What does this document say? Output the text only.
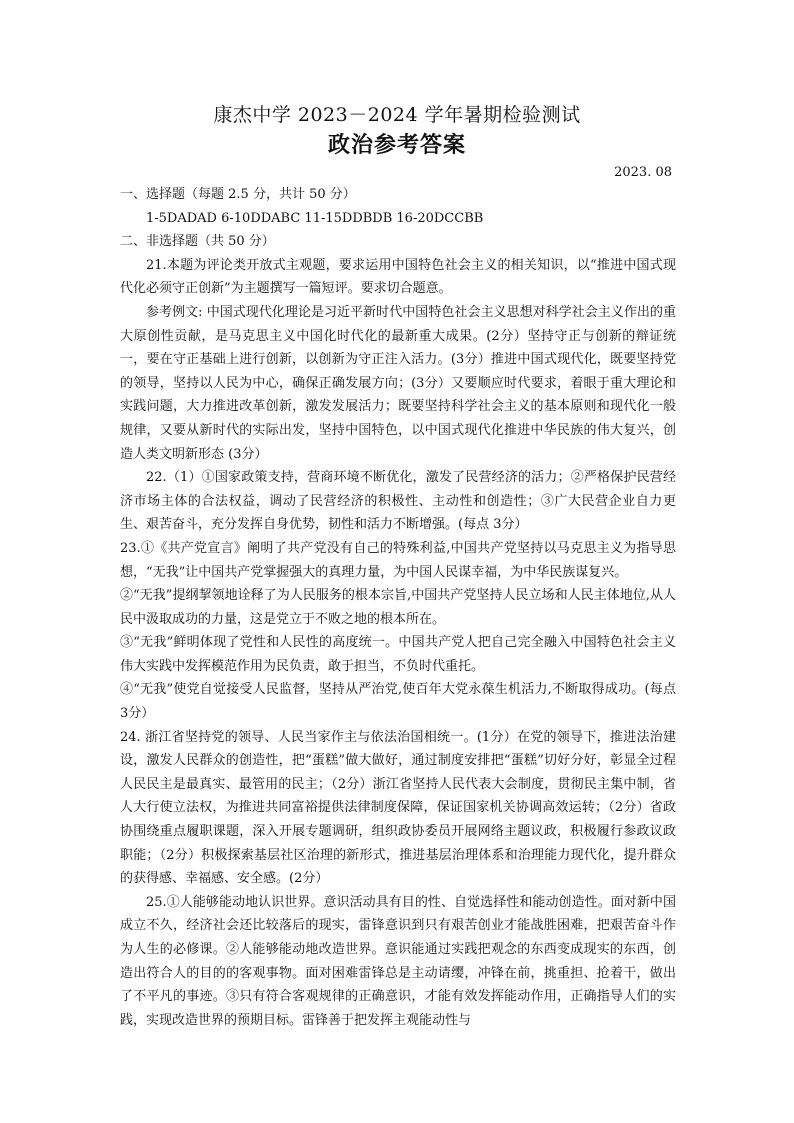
康杰中学 2023－2024 学年暑期检验测试
政治参考答案
2023. 08

一、选择题（每题 2.5 分，共计 50 分）

1-5DADAD 6-10DDABC 11-15DDBDB 16-20DCCBB

二、非选择题（共 50 分）

21.本题为评论类开放式主观题，要求运用中国特色社会主义的相关知识，以“推进中国式现代化必须守正创新”为主题撰写一篇短评。要求切合题意。

参考例文: 中国式现代化理论是习近平新时代中国特色社会主义思想对科学社会主义作出的重大原创性贡献，是马克思主义中国化时代化的最新重大成果。(2分）坚持守正与创新的辩证统一，要在守正基础上进行创新，以创新为守正注入活力。(3分）推进中国式现代化，既要坚持党的领导，坚持以人民为中心，确保正确发展方向；(3分）又要顺应时代要求，着眼于重大理论和实践问题，大力推进改革创新，激发发展活力；既要坚持科学社会主义的基本原则和现代化一般规律，又要从新时代的实际出发，坚持中国特色，以中国式现代化推进中华民族的伟大复兴，创造人类文明新形态 (3分）

22.（1）①国家政策支持，营商环境不断优化，激发了民营经济的活力；②严格保护民营经济市场主体的合法权益，调动了民营经济的积极性、主动性和创造性；③广大民营企业自力更生、艰苦奋斗，充分发挥自身优势，韧性和活力不断增强。(每点 3分）

23.①《共产党宣言》阐明了共产党没有自己的特殊利益,中国共产党坚持以马克思主义为指导思想，“无我”让中国共产党掌握强大的真理力量，为中国人民谋幸福，为中华民族谋复兴。

②“无我”提纲挈领地诠释了为人民服务的根本宗旨,中国共产党坚持人民立场和人民主体地位,从人民中汲取成功的力量，这是党立于不败之地的根本所在。

③“无我”鲜明体现了党性和人民性的高度统一。中国共产党人把自己完全融入中国特色社会主义伟大实践中发挥模范作用为民负责，敢于担当，不负时代重托。

④“无我”使党自觉接受人民监督，坚持从严治党,使百年大党永葆生机活力,不断取得成功。(每点 3分）

24. 浙江省坚持党的领导、人民当家作主与依法治国相统一。(1分）在党的领导下，推进法治建设，激发人民群众的创造性，把“蛋糕”做大做好，通过制度安排把“蛋糕”切好分好，彰显全过程人民民主是最真实、最管用的民主；（2分）浙江省坚持人民代表大会制度，贯彻民主集中制，省人大行使立法权，为推进共同富裕提供法律制度保障，保证国家机关协调高效运转；（2分）省政协围绕重点履职课题，深入开展专题调研，组织政协委员开展网络主题议政，积极履行参政议政职能；（2分）积极探索基层社区治理的新形式，推进基层治理体系和治理能力现代化，提升群众的获得感、幸福感、安全感。(2分）

25.①人能够能动地认识世界。意识活动具有目的性、自觉选择性和能动创造性。面对新中国成立不久，经济社会还比较落后的现实，雷锋意识到只有艰苦创业才能战胜困难，把艰苦奋斗作为人生的必修课。②人能够能动地改造世界。意识能通过实践把观念的东西变成现实的东西，创造出符合人的目的的客观事物。面对困难雷锋总是主动请缨，冲锋在前，挑重担、抢着干，做出了不平凡的事迹。③只有符合客观规律的正确意识，才能有效发挥能动作用，正确指导人们的实践，实现改造世界的预期目标。雷锋善于把发挥主观能动性与
